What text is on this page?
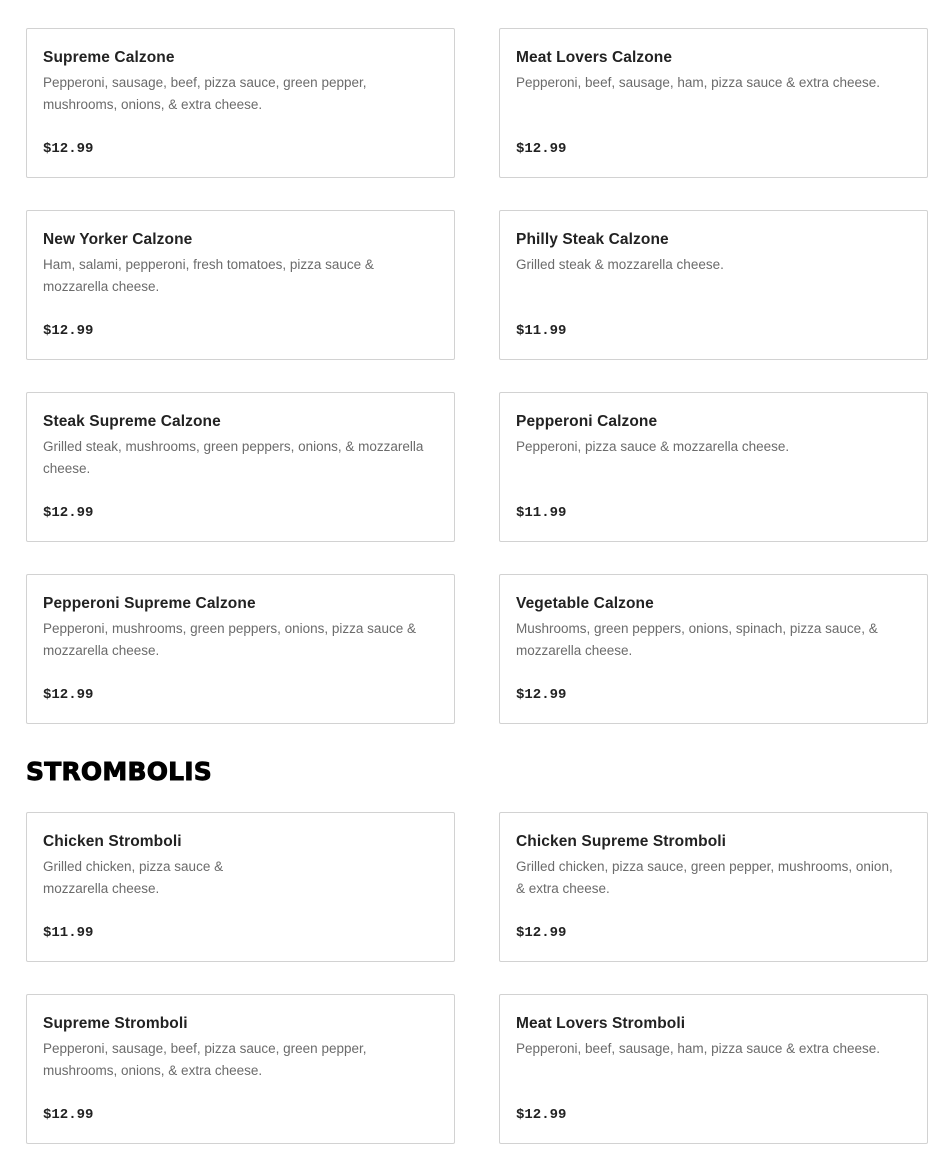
Supreme Calzone

Pepperoni, sausage, beef, pizza sauce, green pepper, mushrooms, onions, & extra cheese.

$12.99

Meat Lovers Calzone

Pepperoni, beef, sausage, ham, pizza sauce & extra cheese.

$12.99

New Yorker Calzone

Ham, salami, pepperoni, fresh tomatoes, pizza sauce & mozzarella cheese.

$12.99

Philly Steak Calzone

Grilled steak & mozzarella cheese.

$11.99

Steak Supreme Calzone

Grilled steak, mushrooms, green peppers, onions, & mozzarella cheese.

$12.99

Pepperoni Calzone

Pepperoni, pizza sauce & mozzarella cheese.

$11.99

Pepperoni Supreme Calzone

Pepperoni, mushrooms, green peppers, onions, pizza sauce & mozzarella cheese.

$12.99

Vegetable Calzone

Mushrooms, green peppers, onions, spinach, pizza sauce, & mozzarella cheese.

$12.99
STROMBOLIS

Chicken Stromboli

Grilled chicken, pizza sauce & mozzarella cheese.

$11.99

Chicken Supreme Stromboli

Grilled chicken, pizza sauce, green pepper, mushrooms, onion, & extra cheese.

$12.99

Supreme Stromboli

Pepperoni, sausage, beef, pizza sauce, green pepper, mushrooms, onions, & extra cheese.

$12.99

Meat Lovers Stromboli

Pepperoni, beef, sausage, ham, pizza sauce & extra cheese.

$12.99
